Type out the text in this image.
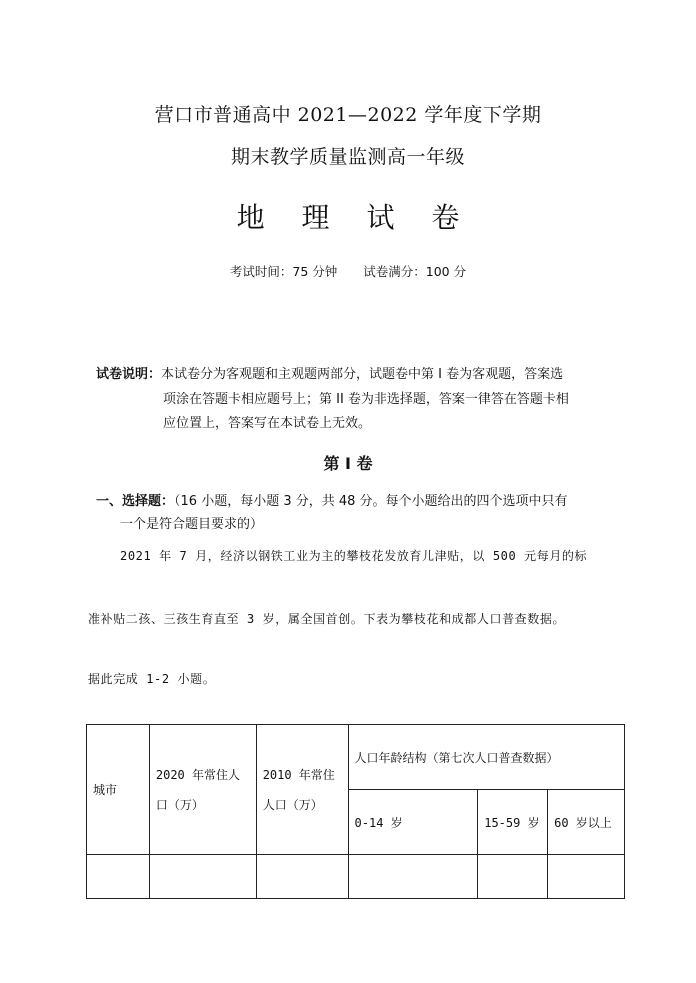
营口市普通高中 2021—2022 学年度下学期
期末教学质量监测高一年级
地 理 试 卷
考试时间：75 分钟 试卷满分：100 分
试卷说明：本试卷分为客观题和主观题两部分，试题卷中第 I 卷为客观题，答案选
项涂在答题卡相应题号上；第 II 卷为非选择题，答案一律答在答题卡相
应位置上，答案写在本试卷上无效。
第 I 卷
一、选择题：（16 小题，每小题 3 分，共 48 分。每个小题给出的四个选项中只有
一个是符合题目要求的）
2021 年 7 月，经济以钢铁工业为主的攀枝花发放育儿津贴，以 500 元每月的标
准补贴二孩、三孩生育直至 3 岁，属全国首创。下表为攀枝花和成都人口普查数据。
据此完成 1-2 小题。
城市	2020 年常住人口（万）	2010 年常住人口（万）	人口年龄结构（第七次人口普查数据）		
			0-14 岁	15-59 岁	60 岁以上
